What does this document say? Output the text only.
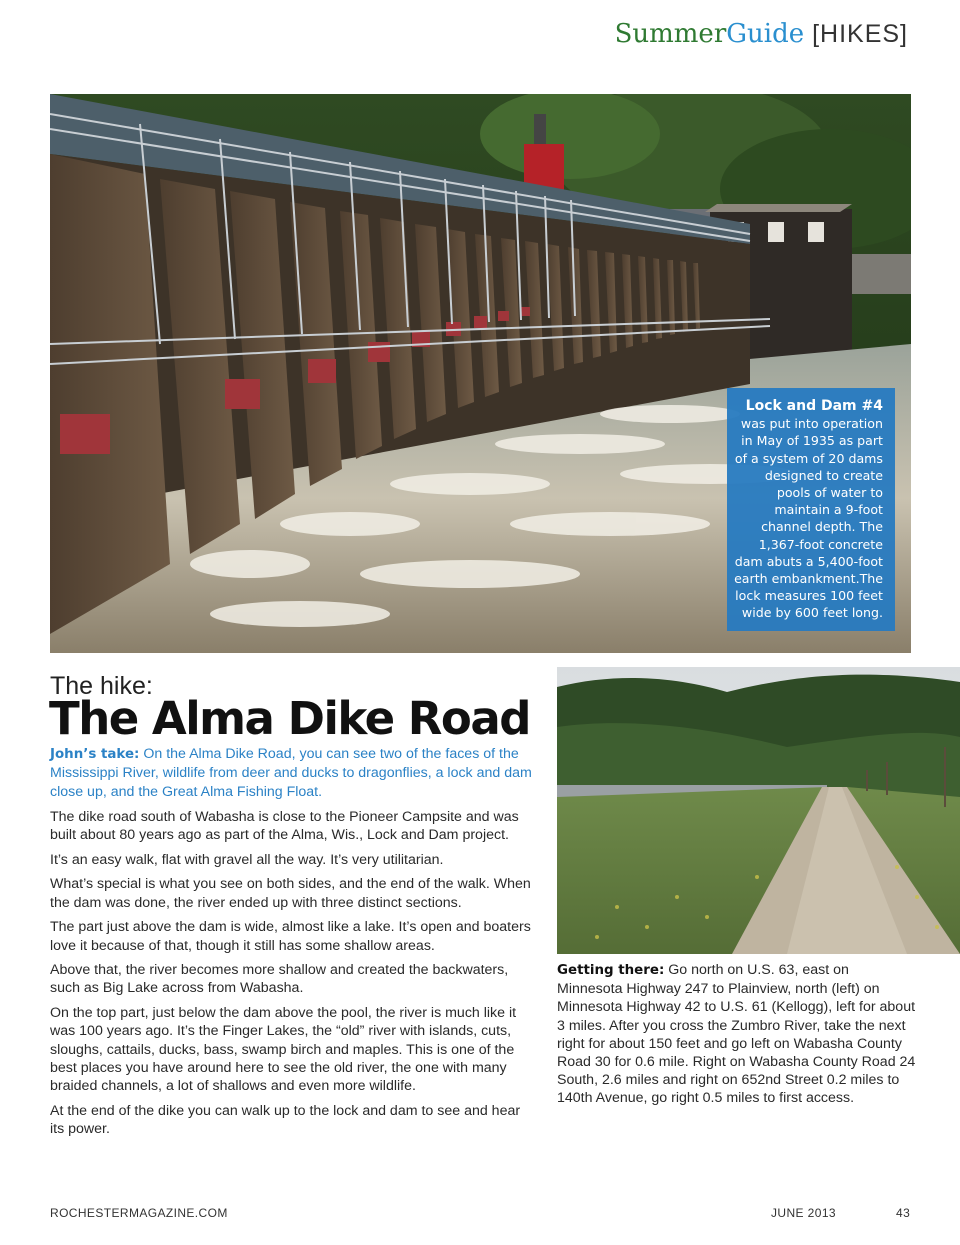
SummerGuide [HIKES]
Lock and Dam #4
was put into operation in May of 1935 as part of a system of 20 dams designed to create pools of water to maintain a 9-foot channel depth. The 1,367-foot concrete dam abuts a 5,400-foot earth embankment.The lock measures 100 feet wide by 600 feet long.
The hike:
The Alma Dike Road

John’s take: On the Alma Dike Road, you can see two of the faces of the Mississippi River, wildlife from deer and ducks to dragonflies, a lock and dam close up, and the Great Alma Fishing Float.

The dike road south of Wabasha is close to the Pioneer Campsite and was built about 80 years ago as part of the Alma, Wis., Lock and Dam project.

It’s an easy walk, flat with gravel all the way. It’s very utilitarian.

What’s special is what you see on both sides, and the end of the walk. When the dam was done, the river ended up with three distinct sections.

The part just above the dam is wide, almost like a lake. It’s open and boaters love it because of that, though it still has some shallow areas.

Above that, the river becomes more shallow and created the backwaters, such as Big Lake across from Wabasha.

On the top part, just below the dam above the pool, the river is much like it was 100 years ago. It’s the Finger Lakes, the “old” river with islands, cuts, sloughs, cattails, ducks, bass, swamp birch and maples. This is one of the best places you have around here to see the old river, the one with many braided channels, a lot of shallows and even more wildlife.

At the end of the dike you can walk up to the lock and dam to see and hear its power.

Getting there: Go north on U.S. 63, east on Minnesota Highway 247 to Plainview, north (left) on Minnesota Highway 42 to U.S. 61 (Kellogg), left for about 3 miles. After you cross the Zumbro River, take the next right for about 150 feet and go left on Wabasha County Road 30 for 0.6 mile. Right on Wabasha County Road 24 South, 2.6 miles and right on 652nd Street 0.2 miles to 140th Avenue, go right 0.5 miles to first access.
ROCHESTERMAGAZINE.COM	JUNE 2013	43
